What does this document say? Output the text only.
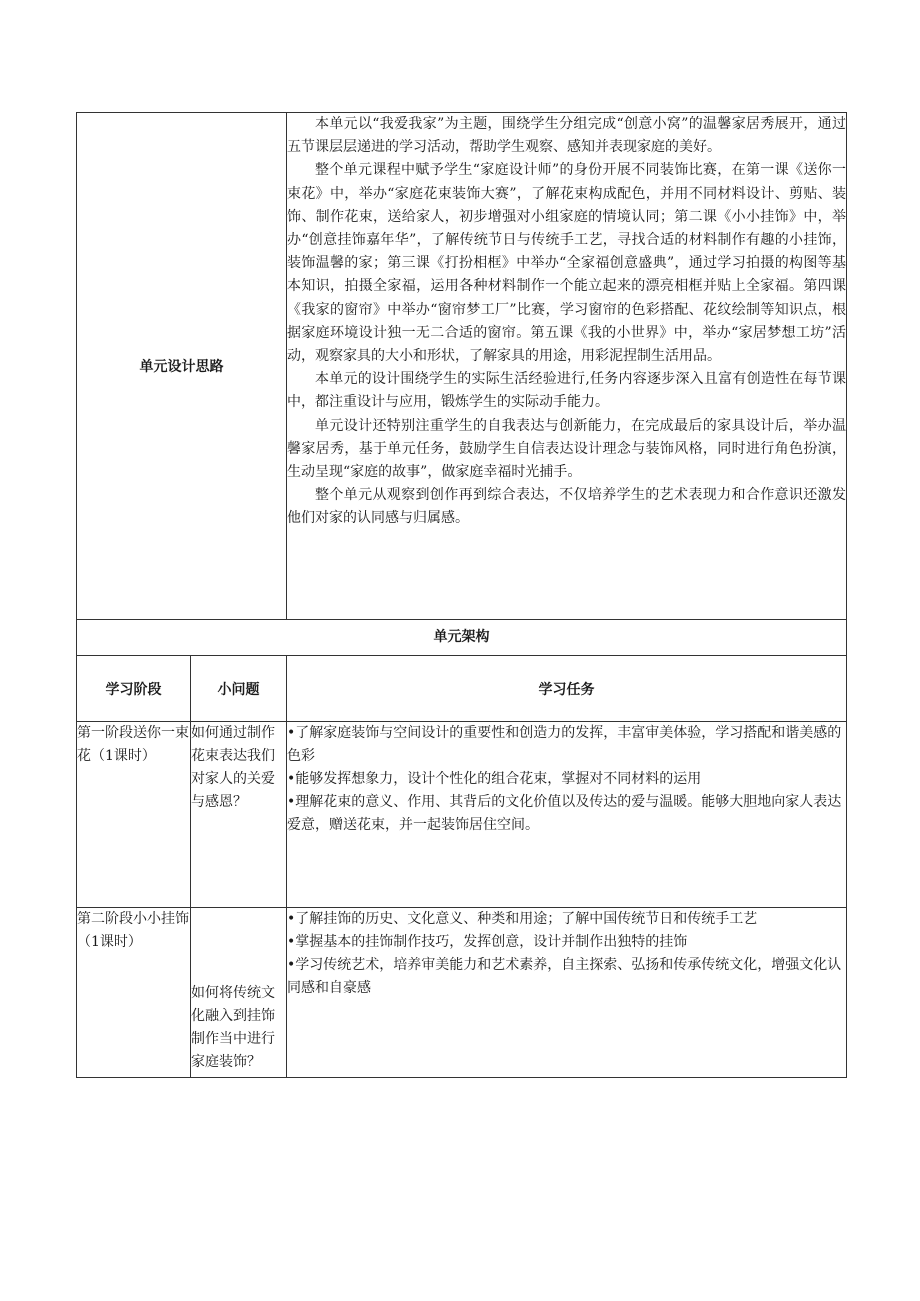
单元设计思路		本单元以“我爱我家”为主题，围绕学生分组完成“创意小窝”的温馨家居秀展开，通过五节课层层递进的学习活动，帮助学生观察、感知并表现家庭的美好。

整个单元课程中赋予学生“家庭设计师”的身份开展不同装饰比赛，在第一课《送你一束花》中，举办“家庭花束装饰大赛”，了解花束构成配色，并用不同材料设计、剪贴、装饰、制作花束，送给家人，初步增强对小组家庭的情境认同；第二课《小小挂饰》中，举办“创意挂饰嘉年华”，了解传统节日与传统手工艺，寻找合适的材料制作有趣的小挂饰，装饰温馨的家；第三课《打扮相框》中举办“全家福创意盛典”，通过学习拍摄的构图等基本知识，拍摄全家福，运用各种材料制作一个能立起来的漂亮相框并贴上全家福。第四课《我家的窗帘》中举办“窗帘梦工厂”比赛，学习窗帘的色彩搭配、花纹绘制等知识点，根据家庭环境设计独一无二合适的窗帘。第五课《我的小世界》中，举办“家居梦想工坊”活动，观察家具的大小和形状，了解家具的用途，用彩泥捏制生活用品。

本单元的设计围绕学生的实际生活经验进行,任务内容逐步深入且富有创造性在每节课中，都注重设计与应用，锻炼学生的实际动手能力。

单元设计还特别注重学生的自我表达与创新能力，在完成最后的家具设计后，举办温馨家居秀，基于单元任务，鼓励学生自信表达设计理念与装饰风格，同时进行角色扮演，生动呈现“家庭的故事”，做家庭幸福时光捕手。

整个单元从观察到创作再到综合表达，不仅培养学生的艺术表现力和合作意识还激发他们对家的认同感与归属感。

单元架构		
学习阶段	小问题	学习任务
第一阶段送你一束花（1课时）	如何通过制作花束表达我们对家人的关爱与感恩？	•了解家庭装饰与空间设计的重要性和创造力的发挥，丰富审美体验，学习搭配和谐美感的色彩
•能够发挥想象力，设计个性化的组合花束，掌握对不同材料的运用
•理解花束的意义、作用、其背后的文化价值以及传达的爱与温暖。能够大胆地向家人表达爱意，赠送花束，并一起装饰居住空间。

第二阶段小小挂饰（1课时）	如何将传统文化融入到挂饰制作当中进行家庭装饰？	•了解挂饰的历史、文化意义、种类和用途；了解中国传统节日和传统手工艺
•掌握基本的挂饰制作技巧，发挥创意，设计并制作出独特的挂饰
•学习传统艺术，培养审美能力和艺术素养，自主探索、弘扬和传承传统文化，增强文化认同感和自豪感
